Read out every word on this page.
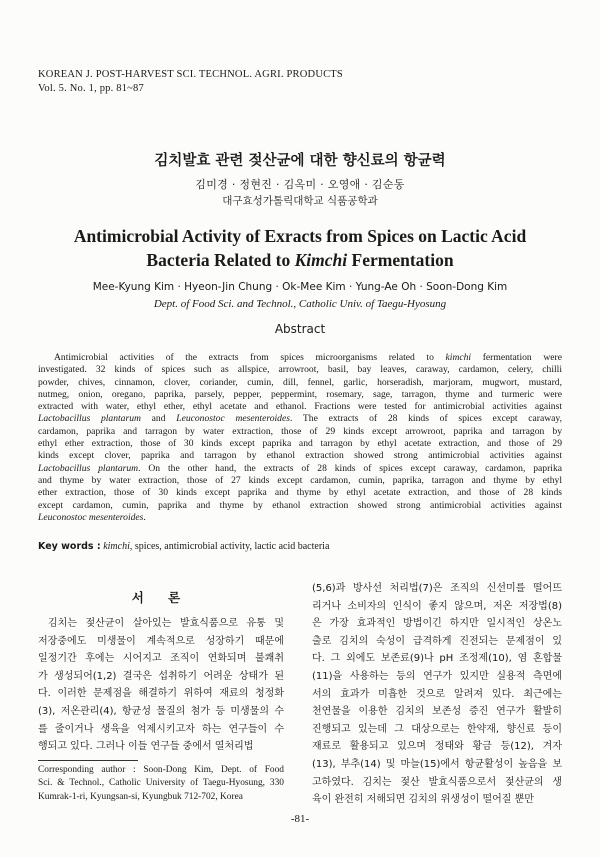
KOREAN J. POST-HARVEST SCI. TECHNOL. AGRI. PRODUCTS
Vol. 5. No. 1, pp. 81~87
김치발효 관련 젖산균에 대한 향신료의 항균력
김미경 · 정현진 · 김옥미 · 오영애 · 김순동
대구효성가톨릭대학교 식품공학과
Antimicrobial Activity of Exracts from Spices on Lactic Acid
Bacteria Related to Kimchi Fermentation
Mee-Kyung Kim · Hyeon-Jin Chung · Ok-Mee Kim · Yung-Ae Oh · Soon-Dong Kim
Dept. of Food Sci. and Technol., Catholic Univ. of Taegu-Hyosung
Abstract
Antimicrobial activities of the extracts from spices microorganisms related to kimchi fermentation were
investigated. 32 kinds of spices such as allspice, arrowroot, basil, bay leaves, caraway, cardamon, celery, chilli
powder, chives, cinnamon, clover, coriander, cumin, dill, fennel, garlic, horseradish, marjoram, mugwort, mustard,
nutmeg, onion, oregano, paprika, parsely, pepper, peppermint, rosemary, sage, tarragon, thyme and turmeric were
extracted with water, ethyl ether, ethyl acetate and ethanol. Fractions were tested for antimicrobial activities against
Lactobacillus plantarum and Leuconostoc mesenteroides. The extracts of 28 kinds of spices except caraway,
cardamon, paprika and tarragon by water extraction, those of 29 kinds except arrowroot, paprika and tarragon by
ethyl ether extraction, those of 30 kinds except paprika and tarragon by ethyl acetate extraction, and those of 29
kinds except clover, paprika and tarragon by ethanol extraction showed strong antimicrobial activities against
Lactobacillus plantarum. On the other hand, the extracts of 28 kinds of spices except caraway, cardamon, paprika
and thyme by water extraction, those of 27 kinds except cardamon, cumin, paprika, tarragon and thyme by ethyl
ether extraction, those of 30 kinds except paprika and thyme by ethyl acetate extraction, and those of 28 kinds
except cardamon, cumin, paprika and thyme by ethanol extraction showed strong antimicrobial activities against
Leuconostoc mesenteroides.
Key words : kimchi, spices, antimicrobial activity, lactic acid bacteria
서 론
김치는 젖산균이 살아있는 발효식품으로 유통 및
저장중에도 미생물이 계속적으로 성장하기 때문에
일정기간 후에는 시어지고 조직이 연화되며 불쾌취
가 생성되어(1,2) 결국은 섭취하기 어려운 상태가 된
다. 이러한 문제점을 해결하기 위하여 재료의 청정화
(3), 저온관리(4), 항균성 물질의 첨가 등 미생물의 수
를 줄이거나 생육을 억제시키고자 하는 연구들이 수
행되고 있다. 그러나 이들 연구들 중에서 열처리법
(5,6)과 방사선 처리법(7)은 조직의 신선미를 떨어뜨
리거나 소비자의 인식이 좋지 않으며, 저온 저장법(8)
은 가장 효과적인 방법이긴 하지만 일시적인 상온노
출로 김치의 숙성이 급격하게 진전되는 문제점이 있
다. 그 외에도 보존료(9)나 pH 조정제(10), 염 혼합물
(11)을 사용하는 등의 연구가 있지만 실용적 측면에
서의 효과가 미흡한 것으로 알려져 있다. 최근에는
천연물을 이용한 김치의 보존성 증진 연구가 활발히
진행되고 있는데 그 대상으로는 한약재, 향신료 등이
재료로 활용되고 있으며 정태와 황금 등(12), 겨자
(13), 부추(14) 및 마늘(15)에서 항균활성이 높음을 보
고하였다. 김치는 젖산 발효식품으로서 젖산균의 생
육이 완전히 저해되면 김치의 위생성이 떨어질 뿐만
Corresponding author : Soon-Dong Kim, Dept. of Food
Sci. & Technol., Catholic University of Taegu-Hyosung, 330
Kumrak-1-ri, Kyungsan-si, Kyungbuk 712-702, Korea
-81-
